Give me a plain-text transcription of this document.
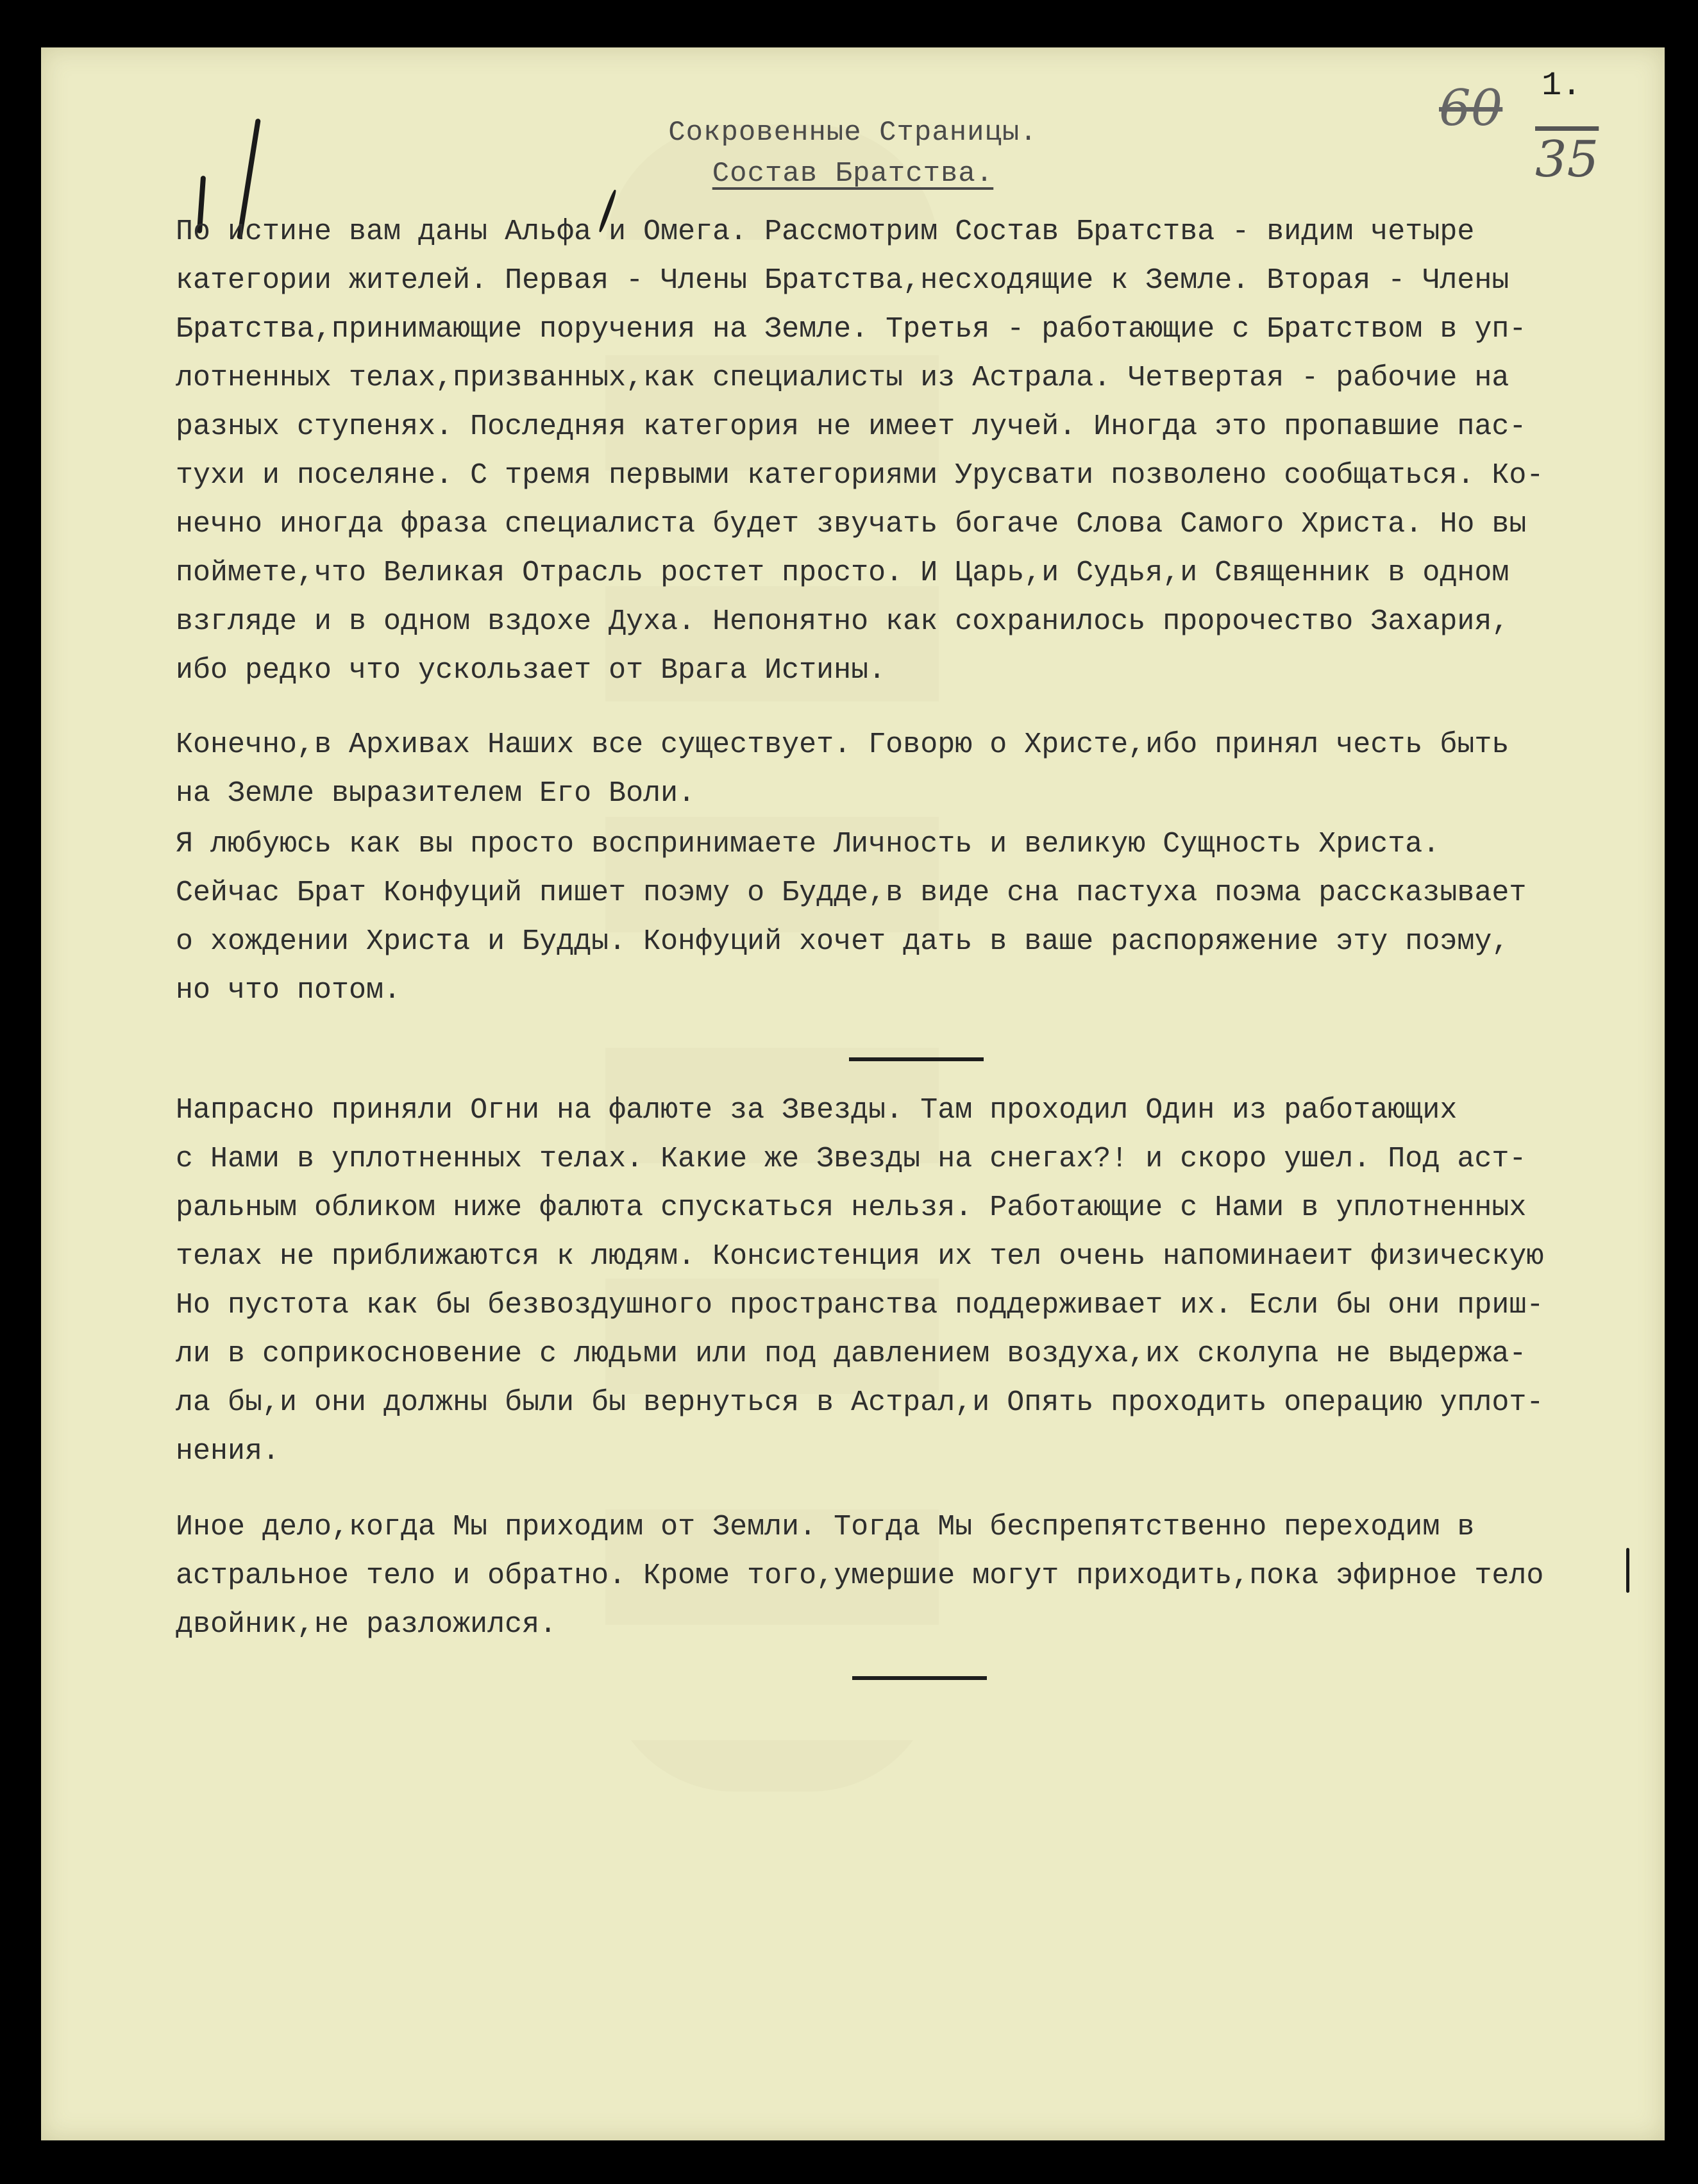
1.
60
35
Сокровенные Страницы.
Состав Братства.
По истине вам даны Альфа и Омега. Рассмотрим Состав Братства - видим четыре
категории жителей. Первая - Члены Братства,несходящие к Земле. Вторая - Члены
Братства,принимающие поручения на Земле. Третья - работающие с Братством в уп-
лотненных телах,призванных,как специалисты из Астрала. Четвертая - рабочие на
разных ступенях. Последняя категория не имеет лучей. Иногда это пропавшие пас-
тухи и поселяне. С тремя первыми категориями Урусвати позволено сообщаться. Ко-
нечно иногда фраза специалиста будет звучать богаче Слова Самого Христа. Но вы
поймете,что Великая Отрасль ростет просто. И Царь,и Судья,и Священник в одном
взгляде и в одном вздохе Духа. Непонятно как сохранилось пророчество Захария,
ибо редко что ускользает от Врага Истины.
Конечно,в Архивах Наших все существует. Говорю о Христе,ибо принял честь быть
на Земле выразителем Его Воли.
Я любуюсь как вы просто воспринимаете Личность и великую Сущность Христа.
Сейчас Брат Конфуций пишет поэму о Будде,в виде сна пастуха поэма рассказывает
о хождении Христа и Будды. Конфуций хочет дать в ваше распоряжение эту поэму,
но что потом.
Напрасно приняли Огни на фалюте за Звезды. Там проходил Один из работающих
с Нами в уплотненных телах. Какие же Звезды на снегах?! и скоро ушел. Под аст-
ральным обликом ниже фалюта спускаться нельзя. Работающие с Нами в уплотненных
телах не приближаются к людям. Консистенция их тел очень напоминаеит физическую
Но пустота как бы безвоздушного пространства поддерживает их. Если бы они приш-
ли в соприкосновение с людьми или под давлением воздуха,их сколупа не выдержа-
ла бы,и они должны были бы вернуться в Астрал,и Опять проходить операцию уплот-
нения.
Иное дело,когда Мы приходим от Земли. Тогда Мы беспрепятственно переходим в
астральное тело и обратно. Кроме того,умершие могут приходить,пока эфирное тело
двойник,не разложился.
